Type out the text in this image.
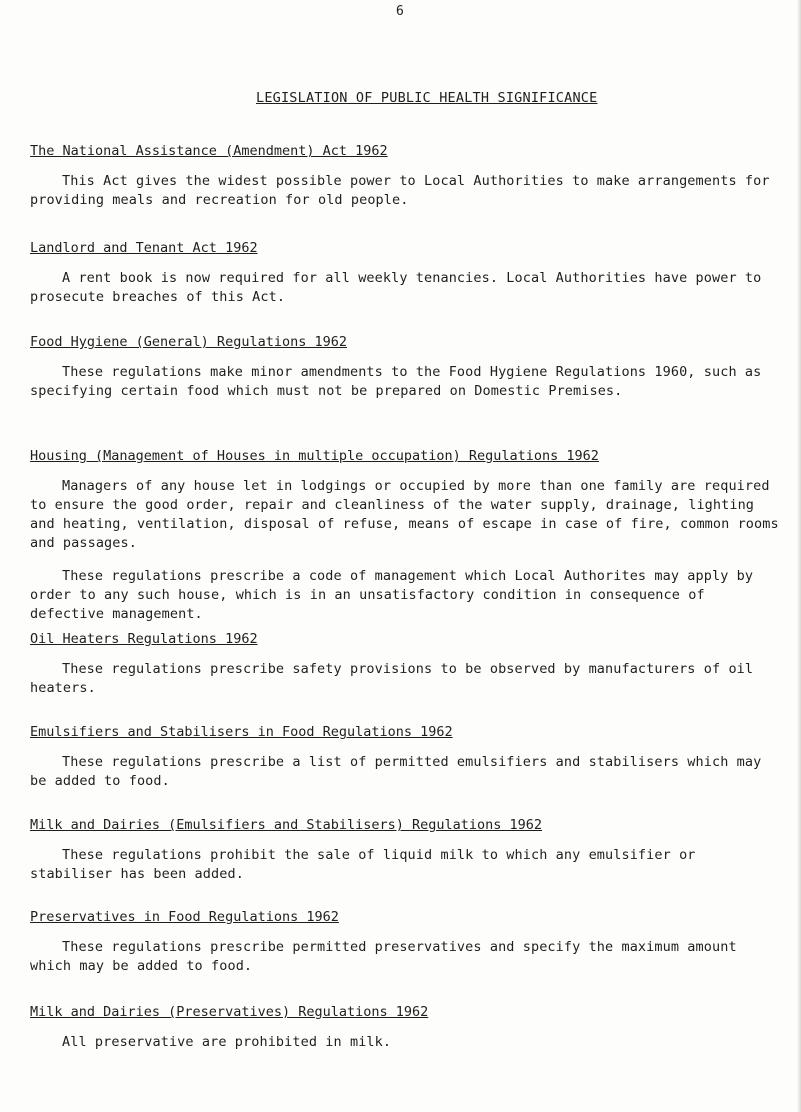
6
LEGISLATION OF PUBLIC HEALTH SIGNIFICANCE
The National Assistance (Amendment) Act 1962

This Act gives the widest possible power to Local Authorities to make arrangements for providing meals and recreation for old people.

Landlord and Tenant Act 1962

A rent book is now required for all weekly tenancies. Local Authorities have power to prosecute breaches of this Act.

Food Hygiene (General) Regulations 1962

These regulations make minor amendments to the Food Hygiene Regulations 1960, such as specifying certain food which must not be prepared on Domestic Premises.

Housing (Management of Houses in multiple occupation) Regulations 1962

Managers of any house let in lodgings or occupied by more than one family are required to ensure the good order, repair and cleanliness of the water supply, drainage, lighting and heating, ventilation, disposal of refuse, means of escape in case of fire, common rooms and passages.

These regulations prescribe a code of management which Local Authorites may apply by order to any such house, which is in an unsatisfactory condition in consequence of defective management.

Oil Heaters Regulations 1962

These regulations prescribe safety provisions to be observed by manufacturers of oil heaters.

Emulsifiers and Stabilisers in Food Regulations 1962

These regulations prescribe a list of permitted emulsifiers and stabilisers which may be added to food.

Milk and Dairies (Emulsifiers and Stabilisers) Regulations 1962

These regulations prohibit the sale of liquid milk to which any emulsifier or stabiliser has been added.

Preservatives in Food Regulations 1962

These regulations prescribe permitted preservatives and specify the maximum amount which may be added to food.

Milk and Dairies (Preservatives) Regulations 1962

All preservative are prohibited in milk.
